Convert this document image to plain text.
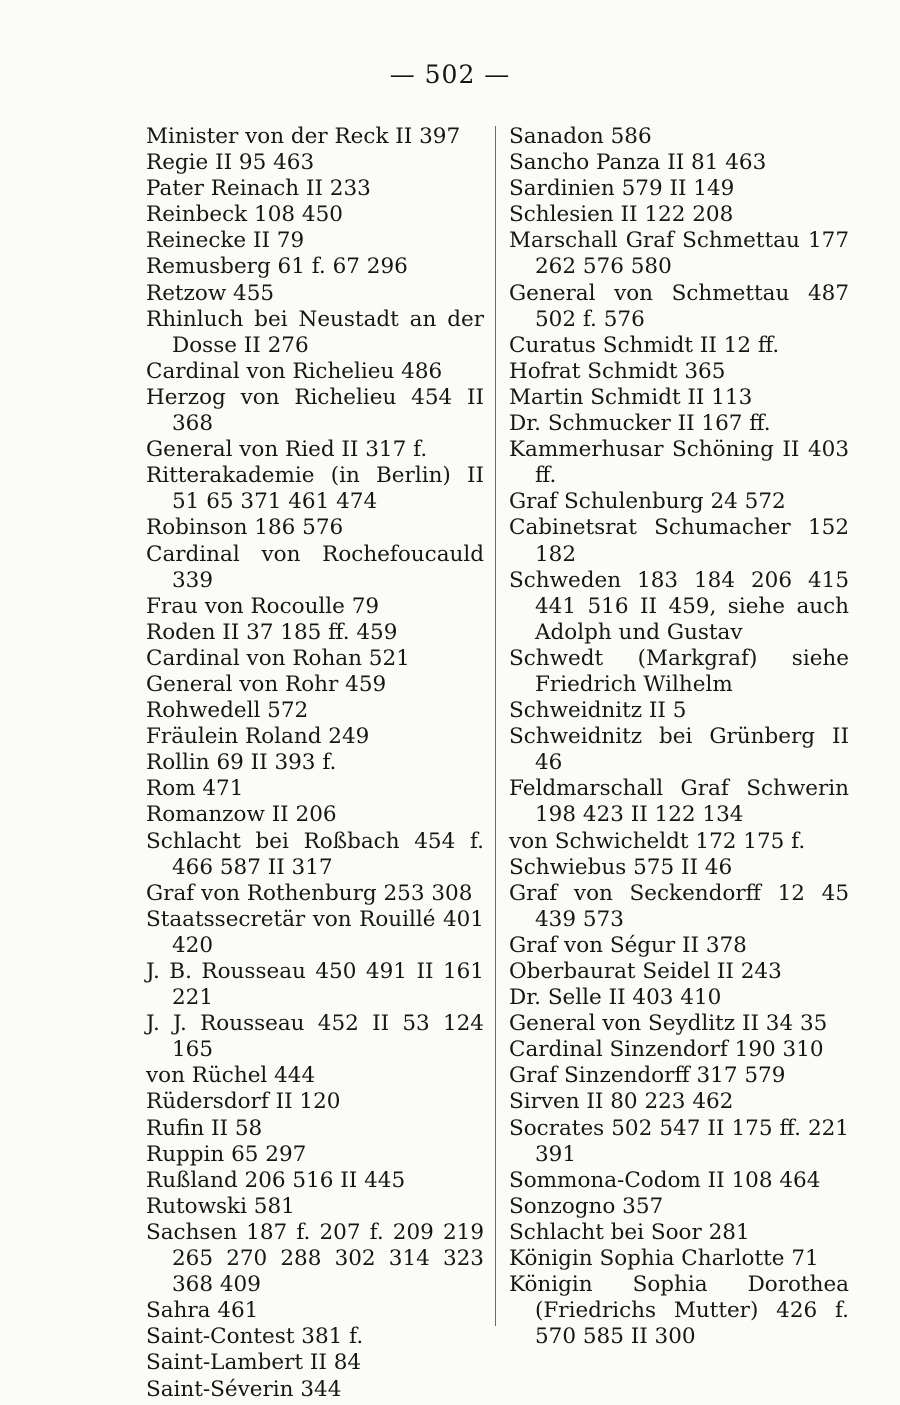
— 502 —
Minister von der Reck II 397
Regie II 95 463
Pater Reinach II 233
Reinbeck 108 450
Reinecke II 79
Remusberg 61 f. 67 296
Retzow 455
Rhinluch bei Neustadt an der Dosse II 276
Cardinal von Richelieu 486
Herzog von Richelieu 454 II 368
General von Ried II 317 f.
Ritterakademie (in Berlin) II 51 65 371 461 474
Robinson 186 576
Cardinal von Rochefoucauld 339
Frau von Rocoulle 79
Roden II 37 185 ff. 459
Cardinal von Rohan 521
General von Rohr 459
Rohwedell 572
Fräulein Roland 249
Rollin 69 II 393 f.
Rom 471
Romanzow II 206
Schlacht bei Roßbach 454 f. 466 587 II 317
Graf von Rothenburg 253 308
Staatssecretär von Rouillé 401 420
J. B. Rousseau 450 491 II 161 221
J. J. Rousseau 452 II 53 124 165
von Rüchel 444
Rüdersdorf II 120
Rufin II 58
Ruppin 65 297
Rußland 206 516 II 445
Rutowski 581
Sachsen 187 f. 207 f. 209 219 265 270 288 302 314 323 368 409
Sahra 461
Saint-Contest 381 f.
Saint-Lambert II 84
Saint-Séverin 344
Sanadon 586
Sancho Panza II 81 463
Sardinien 579 II 149
Schlesien II 122 208
Marschall Graf Schmettau 177 262 576 580
General von Schmettau 487 502 f. 576
Curatus Schmidt II 12 ff.
Hofrat Schmidt 365
Martin Schmidt II 113
Dr. Schmucker II 167 ff.
Kammerhusar Schöning II 403 ff.
Graf Schulenburg 24 572
Cabinetsrat Schumacher 152 182
Schweden 183 184 206 415 441 516 II 459, siehe auch Adolph und Gustav
Schwedt (Markgraf) siehe Friedrich Wilhelm
Schweidnitz II 5
Schweidnitz bei Grünberg II 46
Feldmarschall Graf Schwerin 198 423 II 122 134
von Schwicheldt 172 175 f.
Schwiebus 575 II 46
Graf von Seckendorff 12 45 439 573
Graf von Ségur II 378
Oberbaurat Seidel II 243
Dr. Selle II 403 410
General von Seydlitz II 34 35
Cardinal Sinzendorf 190 310
Graf Sinzendorff 317 579
Sirven II 80 223 462
Socrates 502 547 II 175 ff. 221 391
Sommona-Codom II 108 464
Sonzogno 357
Schlacht bei Soor 281
Königin Sophia Charlotte 71
Königin Sophia Dorothea (Friedrichs Mutter) 426 f. 570 585 II 300
